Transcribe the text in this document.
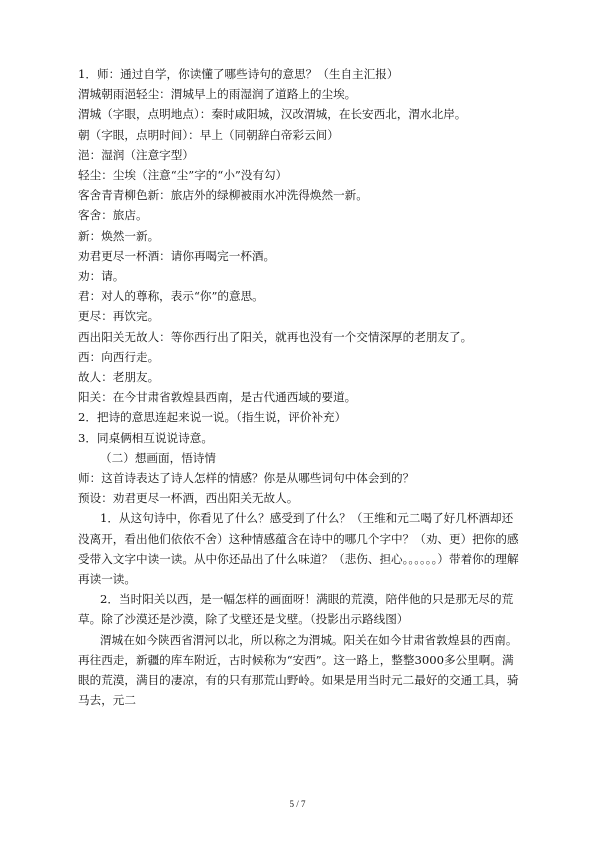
1．师：通过自学，你读懂了哪些诗句的意思？（生自主汇报）
渭城朝雨浥轻尘：渭城早上的雨湿润了道路上的尘埃。
渭城（字眼，点明地点）：秦时咸阳城，汉改渭城，在长安西北，渭水北岸。
朝（字眼，点明时间）：早上（同朝辞白帝彩云间）
浥：湿润（注意字型）
轻尘：尘埃（注意“尘”字的“小”没有勾）
客舍青青柳色新：旅店外的绿柳被雨水冲洗得焕然一新。
客舍：旅店。
新：焕然一新。
劝君更尽一杯酒：请你再喝完一杯酒。
劝：请。
君：对人的尊称，表示“你”的意思。
更尽：再饮完。
西出阳关无故人：等你西行出了阳关，就再也没有一个交情深厚的老朋友了。
西：向西行走。
故人：老朋友。
阳关：在今甘肃省敦煌县西南，是古代通西域的要道。
2．把诗的意思连起来说一说。（指生说，评价补充）
3．同桌俩相互说说诗意。
（二）想画面，悟诗情
师：这首诗表达了诗人怎样的情感？你是从哪些词句中体会到的？
预设：劝君更尽一杯酒，西出阳关无故人。
1．从这句诗中，你看见了什么？感受到了什么？（王维和元二喝了好几杯酒却还没离开，看出他们依依不舍）这种情感蕴含在诗中的哪几个字中？（劝、更）把你的感受带入文字中读一读。从中你还品出了什么味道？（悲伤、担心。。。。。。）带着你的理解再读一读。
2．当时阳关以西，是一幅怎样的画面呀！满眼的荒漠，陪伴他的只是那无尽的荒草。除了沙漠还是沙漠，除了戈壁还是戈壁。（投影出示路线图）
渭城在如今陕西省渭河以北，所以称之为渭城。阳关在如今甘肃省敦煌县的西南。再往西走，新疆的库车附近，古时候称为“安西”。这一路上，整整3000多公里啊。满眼的荒漠，满目的凄凉，有的只有那荒山野岭。如果是用当时元二最好的交通工具，骑马去，元二
5 / 7
